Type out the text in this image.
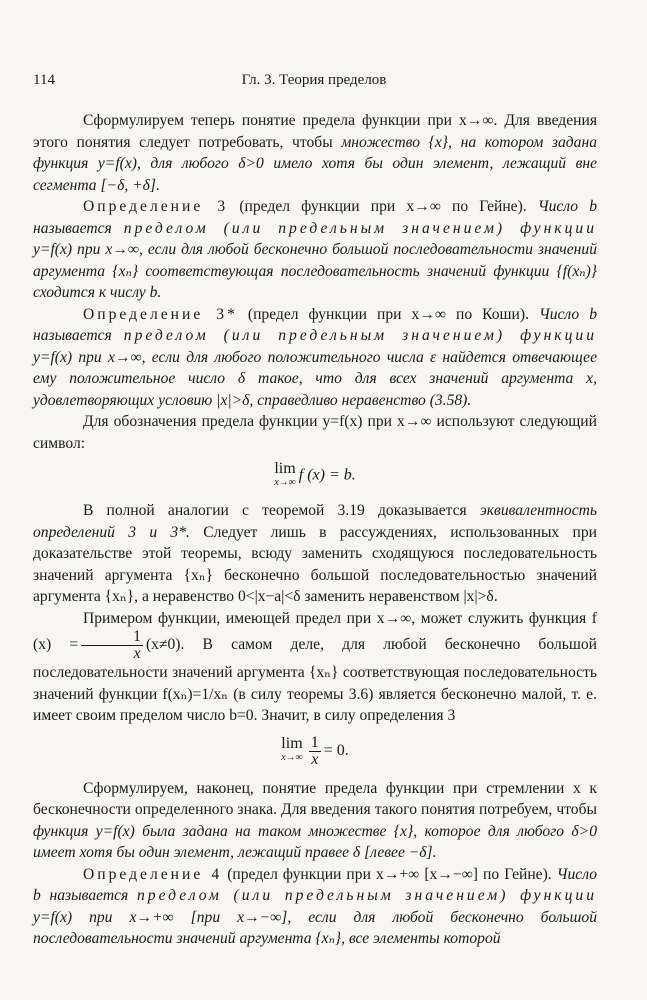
114	Гл. 3. Теория пределов

Сформулируем теперь понятие предела функции при x→∞. Для введения этого понятия следует потребовать, чтобы множество {x}, на котором задана функция y=f(x), для любого δ>0 имело хотя бы один элемент, лежащий вне сегмента [−δ, +δ].

Определение 3 (предел функции при x→∞ по Гейне). Число b называется пределом (или предельным значением) функции y=f(x) при x→∞, если для любой бесконечно большой последовательности значений аргумента {xₙ} соответствующая последовательность значений функции {f(xₙ)} сходится к числу b.

Определение 3* (предел функции при x→∞ по Коши). Число b называется пределом (или предельным значением) функции y=f(x) при x→∞, если для любого положительного числа ε найдется отвечающее ему положительное число δ такое, что для всех значений аргумента x, удовлетворяющих условию |x|>δ, справедливо неравенство (3.58).

Для обозначения предела функции y=f(x) при x→∞ используют следующий символ:

lim
x→∞ f (x) = b.

В полной аналогии с теоремой 3.19 доказывается эквивалентность определений 3 и 3*. Следует лишь в рассуждениях, использованных при доказательстве этой теоремы, всюду заменить сходящуюся последовательность значений аргумента {xₙ} бесконечно большой последовательностью значений аргумента {xₙ}, а неравенство 0<|x−a|<δ заменить неравенством |x|>δ.

Примером функции, имеющей предел при x→∞, может служить функция f $(x) = \frac{1}{x} (x\ne 0)$. В самом деле, для любой бесконечно большой последовательности значений аргумента {xₙ} соответствующая последовательность значений функции f(xₙ)=1/xₙ (в силу теоремы 3.6) является бесконечно малой, т. е. имеет своим пределом число b=0. Значит, в силу определения 3

lim
$x\to\infty \frac{1}{x} = 0$.

Сформулируем, наконец, понятие предела функции при стремлении x к бесконечности определенного знака. Для введения такого понятия потребуем, чтобы функция y=f(x) была задана на таком множестве {x}, которое для любого δ>0 имеет хотя бы один элемент, лежащий правее δ [левее −δ].

Определение 4 (предел функции при x→+∞ [x→−∞] по Гейне). Число b называется пределом (или предельным значением) функции y=f(x) при x→+∞ [при x→−∞], если для любой бесконечно большой последовательности значений аргумента {xₙ}, все элементы которой
